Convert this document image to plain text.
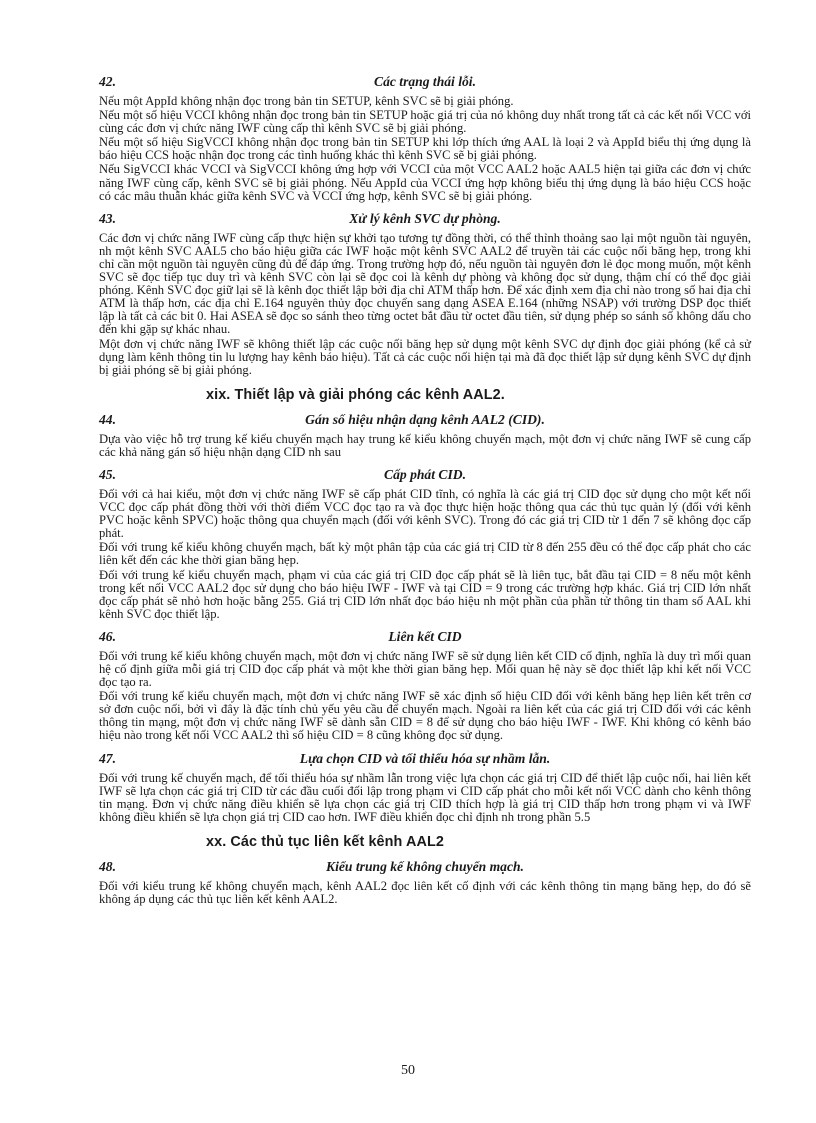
42.	Các trạng thái lỗi.

Nếu một AppId không nhận đọc trong bản tin SETUP, kênh SVC sẽ bị giải phóng.

Nếu một số hiệu VCCI không nhận đọc trong bản tin SETUP hoặc giá trị của nó không duy nhất trong tất cả các kết nối VCC với cùng các đơn vị chức năng IWF cùng cấp thì kênh SVC sẽ bị giải phóng.

Nếu một số hiệu SigVCCI không nhận đọc trong bản tin SETUP khi lớp thích ứng AAL là loại 2 và AppId biểu thị ứng dụng là báo hiệu CCS hoặc nhận đọc trong các tình huống khác thì kênh SVC sẽ bị giải phóng.

Nếu SigVCCI khác VCCI và SigVCCI không ứng hợp với VCCI của một VCC AAL2 hoặc AAL5 hiện tại giữa các đơn vị chức năng IWF cùng cấp, kênh SVC sẽ bị giải phóng. Nếu AppId của VCCI ứng hợp không biểu thị ứng dụng là báo hiệu CCS hoặc có các mâu thuẫn khác giữa kênh SVC và VCCI ứng hợp, kênh SVC sẽ bị giải phóng.

43.	Xử lý kênh SVC dự phòng.

Các đơn vị chức năng IWF cùng cấp thực hiện sự khởi tạo tương tự đồng thời, có thể thỉnh thoảng sao lại một nguồn tài nguyên, nh một kênh SVC AAL5 cho báo hiệu giữa các IWF hoặc một kênh SVC AAL2 để truyền tải các cuộc nối băng hẹp, trong khi chỉ cần một nguồn tài nguyên cũng đủ để đáp ứng. Trong trường hợp đó, nếu nguồn tài nguyên đơn lẻ đọc mong muốn, một kênh SVC sẽ đọc tiếp tục duy trì và kênh SVC còn lại sẽ đọc coi là kênh dự phòng và không đọc sử dụng, thậm chí có thể đọc giải phóng. Kênh SVC đọc giữ lại sẽ là kênh đọc thiết lập bởi địa chỉ ATM thấp hơn. Để xác định xem địa chỉ nào trong số hai địa chỉ ATM là thấp hơn, các địa chỉ E.164 nguyên thủy đọc chuyển sang dạng ASEA E.164 (những NSAP) với trường DSP đọc thiết lập là tất cả các bit 0. Hai ASEA sẽ đọc so sánh theo từng octet bắt đầu từ octet đầu tiên, sử dụng phép so sánh số không dấu cho đến khi gặp sự khác nhau.

Một đơn vị chức năng IWF sẽ không thiết lập các cuộc nối băng hẹp sử dụng một kênh SVC dự định đọc giải phóng (kể cả sử dụng làm kênh thông tin lu lượng hay kênh báo hiệu). Tất cả các cuộc nối hiện tại mà đã đọc thiết lập sử dụng kênh SVC dự định bị giải phóng sẽ bị giải phóng.

xix. Thiết lập và giải phóng các kênh AAL2.
44.	Gán số hiệu nhận dạng kênh AAL2 (CID).

Dựa vào việc hỗ trợ trung kế kiểu chuyển mạch hay trung kế kiểu không chuyển mạch, một đơn vị chức năng IWF sẽ cung cấp các khả năng gán số hiệu nhận dạng CID nh sau

45.	Cấp phát CID.

Đối với cả hai kiểu, một đơn vị chức năng IWF sẽ cấp phát CID tĩnh, có nghĩa là các giá trị CID đọc sử dụng cho một kết nối VCC đọc cấp phát đồng thời với thời điểm VCC đọc tạo ra và đọc thực hiện hoặc thông qua các thủ tục quản lý (đối với kênh PVC hoặc kênh SPVC) hoặc thông qua chuyển mạch (đối với kênh SVC). Trong đó các giá trị CID từ 1 đến 7 sẽ không đọc cấp phát.

Đối với trung kế kiểu không chuyển mạch, bất kỳ một phân tập của các giá trị CID từ 8 đến 255 đều có thể đọc cấp phát cho các liên kết đến các khe thời gian băng hẹp.

Đối với trung kế kiểu chuyển mạch, phạm vi của các giá trị CID đọc cấp phát sẽ là liên tục, bắt đầu tại CID = 8 nếu một kênh trong kết nối VCC AAL2 đọc sử dụng cho báo hiệu IWF - IWF và tại CID = 9 trong các trường hợp khác. Giá trị CID lớn nhất đọc cấp phát sẽ nhỏ hơn hoặc bằng 255. Giá trị CID lớn nhất đọc báo hiệu nh một phần của phần tử thông tin tham số AAL khi kênh SVC đọc thiết lập.

46.	Liên kết CID

Đối với trung kế kiểu không chuyển mạch, một đơn vị chức năng IWF sẽ sử dụng liên kết CID cố định, nghĩa là duy trì mối quan hệ cố định giữa mỗi giá trị CID đọc cấp phát và một khe thời gian băng hẹp. Mối quan hệ này sẽ đọc thiết lập khi kết nối VCC đọc tạo ra.

Đối với trung kế kiểu chuyển mạch, một đơn vị chức năng IWF sẽ xác định số hiệu CID đối với kênh băng hẹp liên kết trên cơ sở đơn cuộc nối, bởi vì đây là đặc tính chủ yếu yêu cầu để chuyển mạch. Ngoài ra liên kết của các giá trị CID đối với các kênh thông tin mạng, một đơn vị chức năng IWF sẽ dành sẵn CID = 8 để sử dụng cho báo hiệu IWF - IWF. Khi không có kênh báo hiệu nào trong kết nối VCC AAL2 thì số hiệu CID = 8 cũng không đọc sử dụng.

47.	Lựa chọn CID và tối thiểu hóa sự nhầm lẫn.

Đối với trung kế chuyển mạch, để tối thiểu hóa sự nhầm lẫn trong việc lựa chọn các giá trị CID để thiết lập cuộc nối, hai liên kết IWF sẽ lựa chọn các giá trị CID từ các đầu cuối đối lập trong phạm vi CID cấp phát cho mỗi kết nối VCC dành cho kênh thông tin mạng. Đơn vị chức năng điều khiển sẽ lựa chọn các giá trị CID thích hợp là giá trị CID thấp hơn trong phạm vi và IWF không điều khiển sẽ lựa chọn giá trị CID cao hơn. IWF điều khiển đọc chỉ định nh trong phần 5.5

xx. Các thủ tục liên kết kênh AAL2
48.	Kiểu trung kế không chuyển mạch.

Đối với kiểu trung kế không chuyển mạch, kênh AAL2 đọc liên kết cố định với các kênh thông tin mạng băng hẹp, do đó sẽ không áp dụng các thủ tục liên kết kênh AAL2.

50
